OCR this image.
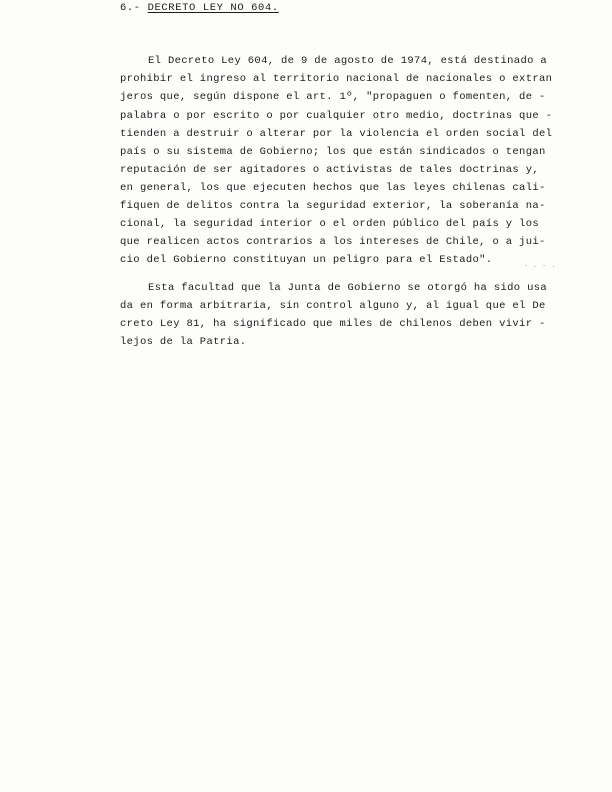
6.- DECRETO LEY NO 604.
El Decreto Ley 604, de 9 de agosto de 1974, está destinado a
prohibir el ingreso al territorio nacional de nacionales o extran
jeros que, según dispone el art. 1º, "propaguen o fomenten, de -
palabra o por escrito o por cualquier otro medio, doctrinas que -
tienden a destruir o alterar por la violencia el orden social del
país o su sistema de Gobierno; los que están sindicados o tengan
reputación de ser agitadores o activistas de tales doctrinas y,
en general, los que ejecuten hechos que las leyes chilenas cali-
fiquen de delitos contra la seguridad exterior, la soberanía na-
cional, la seguridad interior o el orden público del país y los
que realicen actos contrarios a los intereses de Chile, o a jui-
cio del Gobierno constituyan un peligro para el Estado".	- . - .
Esta facultad que la Junta de Gobierno se otorgó ha sido usa
da en forma arbitraria, sin control alguno y, al igual que el De
creto Ley 81, ha significado que miles de chilenos deben vivir -
lejos de la Patria.
